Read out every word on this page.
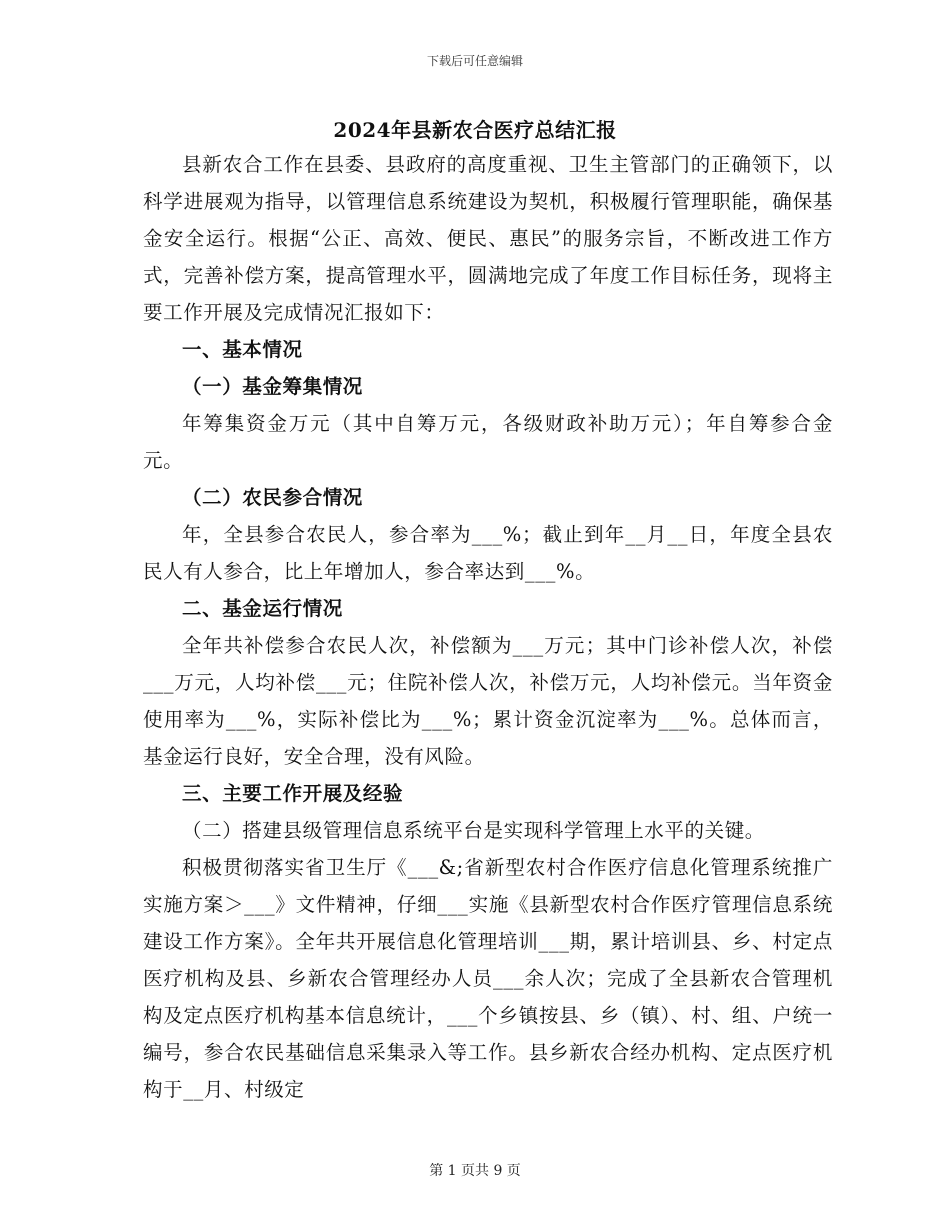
下载后可任意编辑
2024年县新农合医疗总结汇报

县新农合工作在县委、县政府的高度重视、卫生主管部门的正确领下，以科学进展观为指导，以管理信息系统建设为契机，积极履行管理职能，确保基金安全运行。根据“公正、高效、便民、惠民”的服务宗旨，不断改进工作方式，完善补偿方案，提高管理水平，圆满地完成了年度工作目标任务，现将主要工作开展及完成情况汇报如下：

一、基本情况
（一）基金筹集情况

年筹集资金万元（其中自筹万元，各级财政补助万元）；年自筹参合金元。

（二）农民参合情况

年，全县参合农民人，参合率为___%；截止到年__月__日，年度全县农民人有人参合，比上年增加人，参合率达到___%。

二、基金运行情况

全年共补偿参合农民人次，补偿额为___万元；其中门诊补偿人次，补偿___万元，人均补偿___元；住院补偿人次，补偿万元，人均补偿元。当年资金使用率为___%，实际补偿比为___%；累计资金沉淀率为___%。总体而言，基金运行良好，安全合理，没有风险。

三、主要工作开展及经验

（二）搭建县级管理信息系统平台是实现科学管理上水平的关键。

积极贯彻落实省卫生厅《___&;省新型农村合作医疗信息化管理系统推广实施方案＞___》文件精神，仔细___实施《县新型农村合作医疗管理信息系统建设工作方案》。全年共开展信息化管理培训___期，累计培训县、乡、村定点医疗机构及县、乡新农合管理经办人员___余人次；完成了全县新农合管理机构及定点医疗机构基本信息统计，___个乡镇按县、乡（镇）、村、组、户统一编号，参合农民基础信息采集录入等工作。县乡新农合经办机构、定点医疗机构于__月、村级定

第 1 页共 9 页
